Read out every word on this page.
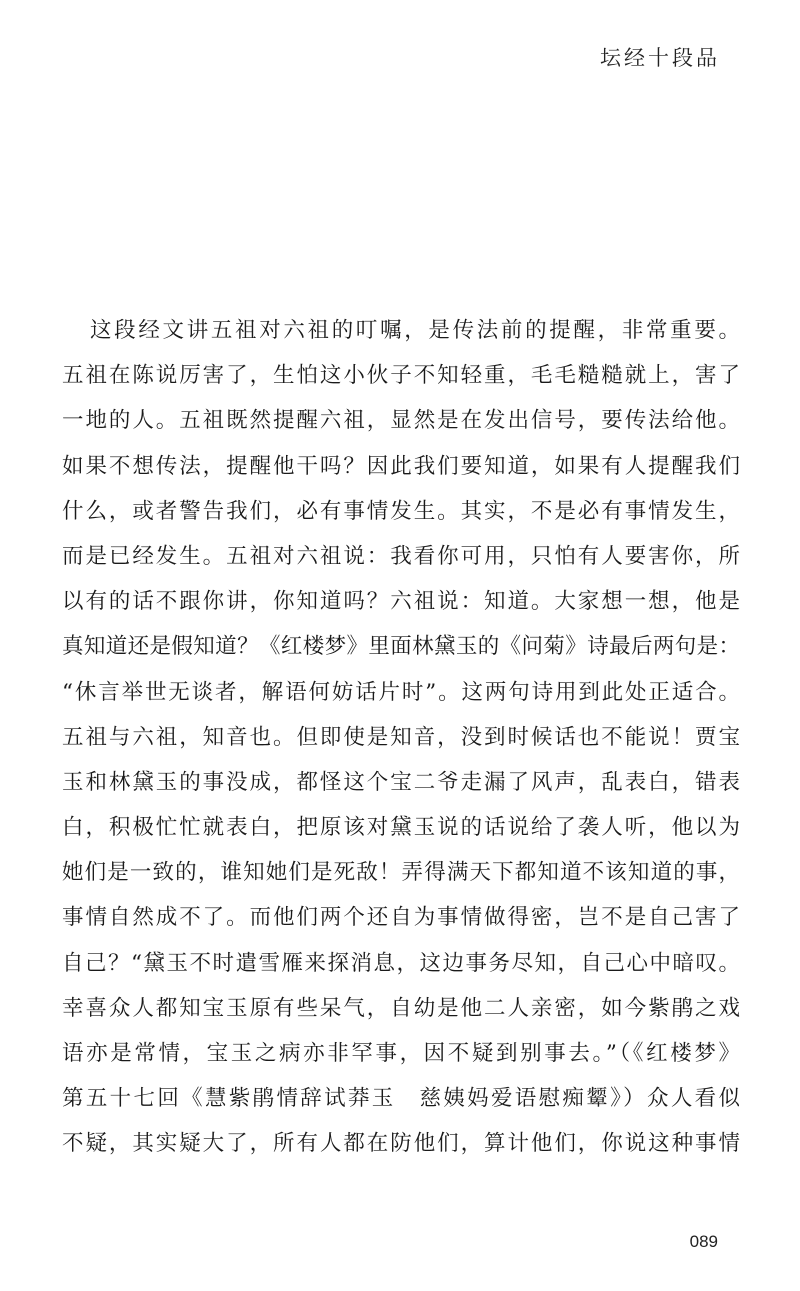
坛经十段品
这段经文讲五祖对六祖的叮嘱，是传法前的提醒，非常重要。
五祖在陈说厉害了，生怕这小伙子不知轻重，毛毛糙糙就上，害了
一地的人。五祖既然提醒六祖，显然是在发出信号，要传法给他。
如果不想传法，提醒他干吗？因此我们要知道，如果有人提醒我们
什么，或者警告我们，必有事情发生。其实，不是必有事情发生，
而是已经发生。五祖对六祖说：我看你可用，只怕有人要害你，所
以有的话不跟你讲，你知道吗？六祖说：知道。大家想一想，他是
真知道还是假知道？《红楼梦》里面林黛玉的《问菊》诗最后两句是：
“休言举世无谈者，解语何妨话片时”。这两句诗用到此处正适合。
五祖与六祖，知音也。但即使是知音，没到时候话也不能说！贾宝
玉和林黛玉的事没成，都怪这个宝二爷走漏了风声，乱表白，错表
白，积极忙忙就表白，把原该对黛玉说的话说给了袭人听，他以为
她们是一致的，谁知她们是死敌！弄得满天下都知道不该知道的事，
事情自然成不了。而他们两个还自为事情做得密，岂不是自己害了
自己？“黛玉不时遣雪雁来探消息，这边事务尽知，自己心中暗叹。
幸喜众人都知宝玉原有些呆气，自幼是他二人亲密，如今紫鹃之戏
语亦是常情，宝玉之病亦非罕事，因不疑到别事去。”（《红楼梦》
第五十七回《慧紫鹃情辞试莽玉　慈姨妈爱语慰痴颦》）众人看似
不疑，其实疑大了，所有人都在防他们，算计他们，你说这种事情
089
